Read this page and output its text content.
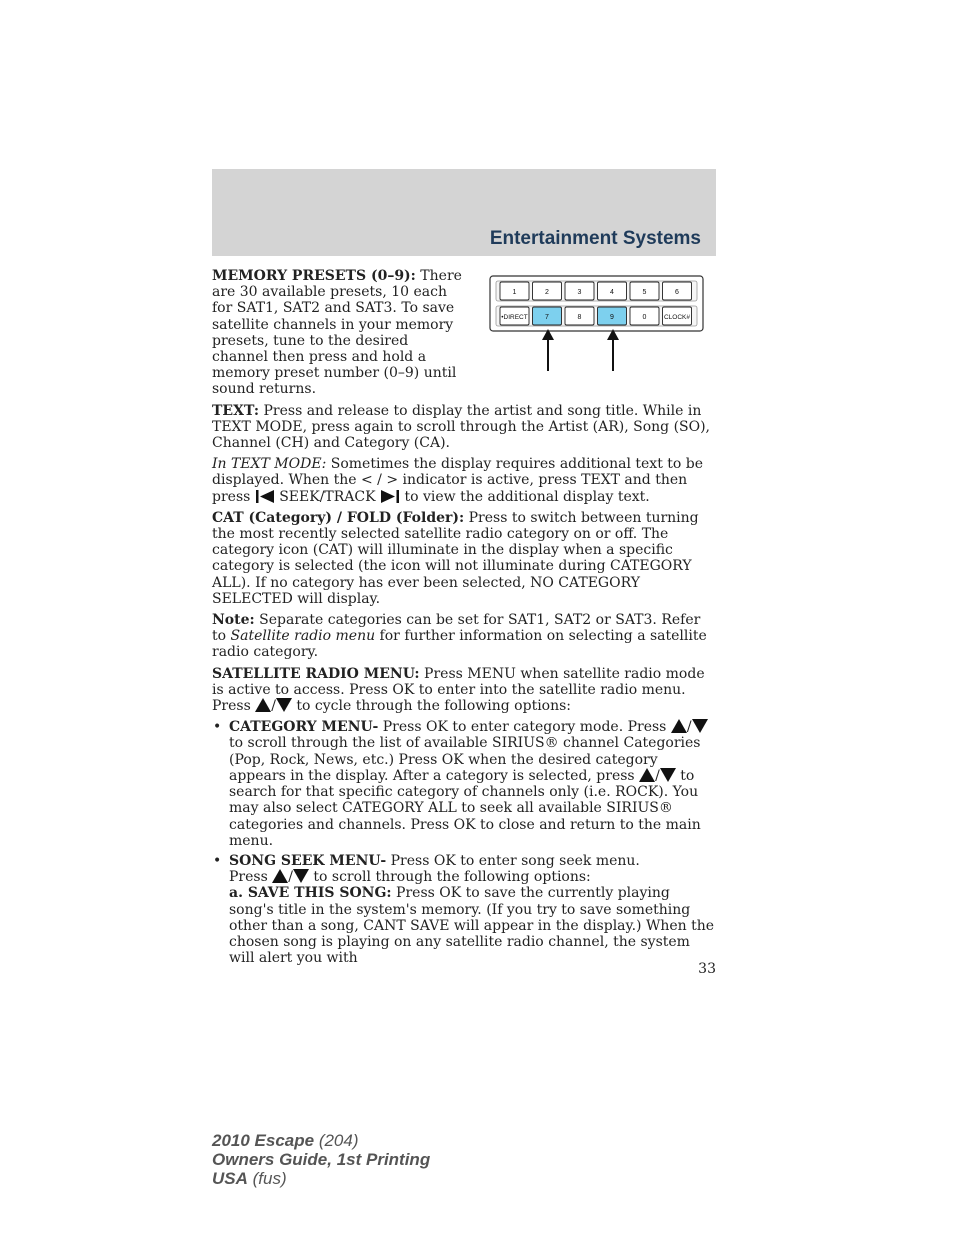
Entertainment Systems
1	2	3	4	5	6
•DIRECT 7	8	9	0	CLOCK#

MEMORY PRESETS (0–9): There are 30 available presets, 10 each for SAT1, SAT2 and SAT3. To save satellite channels in your memory presets, tune to the desired channel then press and hold a memory preset number (0–9) until sound returns.

TEXT: Press and release to display the artist and song title. While in TEXT MODE, press again to scroll through the Artist (AR), Song (SO), Channel (CH) and Category (CA).

In TEXT MODE: Sometimes the display requires additional text to be displayed. When the < / > indicator is active, press TEXT and then press  SEEK/TRACK  to view the additional display text.

CAT (Category) / FOLD (Folder): Press to switch between turning the most recently selected satellite radio category on or off. The category icon (CAT) will illuminate in the display when a specific category is selected (the icon will not illuminate during CATEGORY ALL). If no category has ever been selected, NO CATEGORY SELECTED will display.

Note: Separate categories can be set for SAT1, SAT2 or SAT3. Refer to Satellite radio menu for further information on selecting a satellite radio category.

SATELLITE RADIO MENU: Press MENU when satellite radio mode is active to access. Press OK to enter into the satellite radio menu.
Press / to cycle through the following options:

• CATEGORY MENU- Press OK to enter category mode. Press / to scroll through the list of available SIRIUS® channel Categories (Pop, Rock, News, etc.) Press OK when the desired category appears in the display. After a category is selected, press / to search for that specific category of channels only (i.e. ROCK). You may also select CATEGORY ALL to seek all available SIRIUS® categories and channels. Press OK to close and return to the main menu.
• SONG SEEK MENU- Press OK to enter song seek menu.
Press / to scroll through the following options:
a. SAVE THIS SONG: Press OK to save the currently playing song's title in the system's memory. (If you try to save something other than a song, CANT SAVE will appear in the display.) When the chosen song is playing on any satellite radio channel, the system will alert you with
33
2010 Escape (204)
Owners Guide, 1st Printing
USA (fus)
